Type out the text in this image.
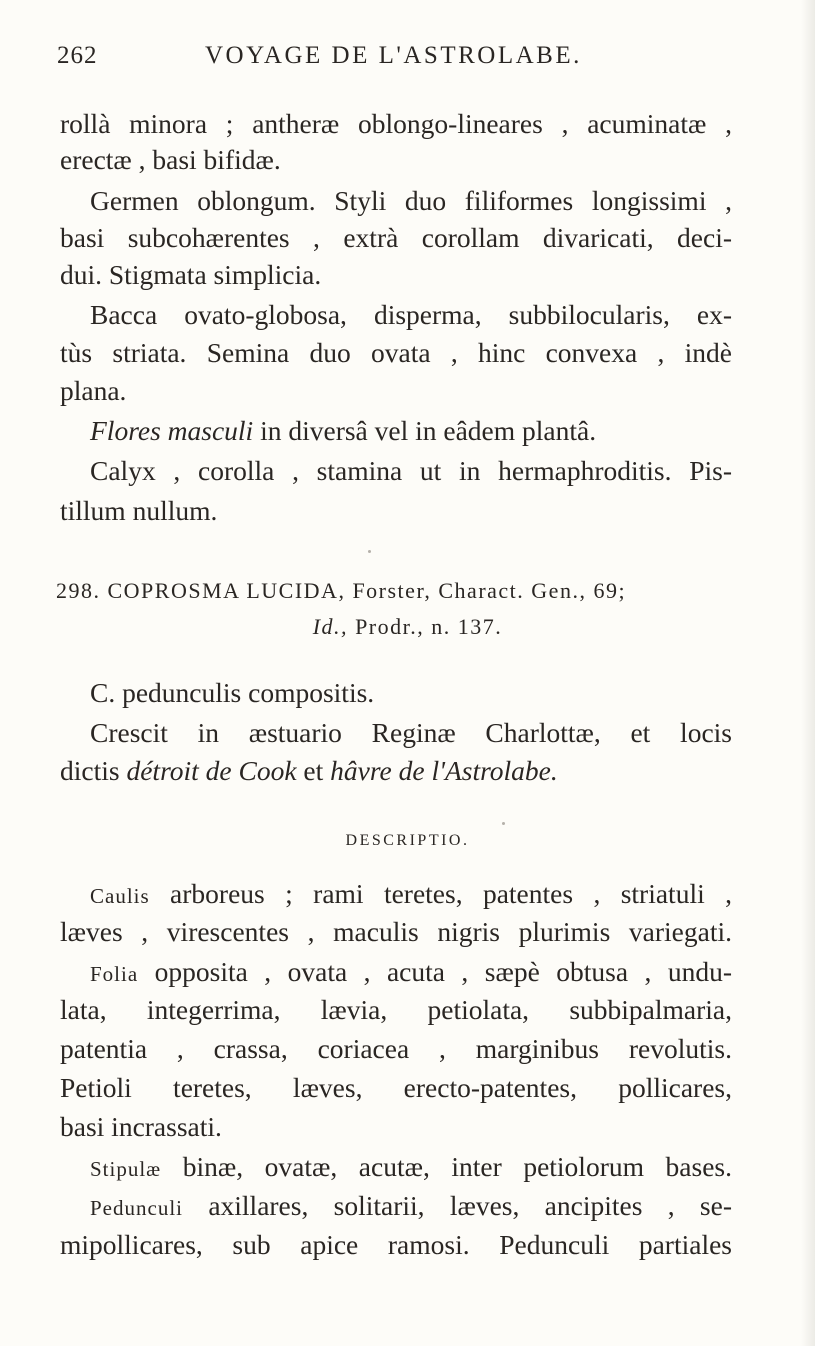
262	VOYAGE DE L'ASTROLABE.
rollà minora ; antheræ oblongo-lineares , acuminatæ ,
erectæ , basi bifidæ.
Germen oblongum. Styli duo filiformes longissimi ,
basi subcohærentes , extrà corollam divaricati, deci-
dui. Stigmata simplicia.
Bacca ovato-globosa, disperma, subbilocularis, ex-
tùs striata. Semina duo ovata , hinc convexa , indè
plana.
Flores masculi in diversâ vel in eâdem plantâ.
Calyx , corolla , stamina ut in hermaphroditis. Pis-
tillum nullum.
298. COPROSMA LUCIDA, Forster, Charact. Gen., 69;
Id., Prodr., n. 137.
C. pedunculis compositis.
Crescit in æstuario Reginæ Charlottæ, et locis
dictis détroit de Cook et hâvre de l'Astrolabe.
DESCRIPTIO.
Caulis arboreus ; rami teretes, patentes , striatuli ,
læves , virescentes , maculis nigris plurimis variegati.
Folia opposita , ovata , acuta , sæpè obtusa , undu-
lata, integerrima, lævia, petiolata, subbipalmaria,
patentia , crassa, coriacea , marginibus revolutis.
Petioli teretes, læves, erecto-patentes, pollicares,
basi incrassati.
Stipulæ binæ, ovatæ, acutæ, inter petiolorum bases.
Pedunculi axillares, solitarii, læves, ancipites , se-
mipollicares, sub apice ramosi. Pedunculi partiales
